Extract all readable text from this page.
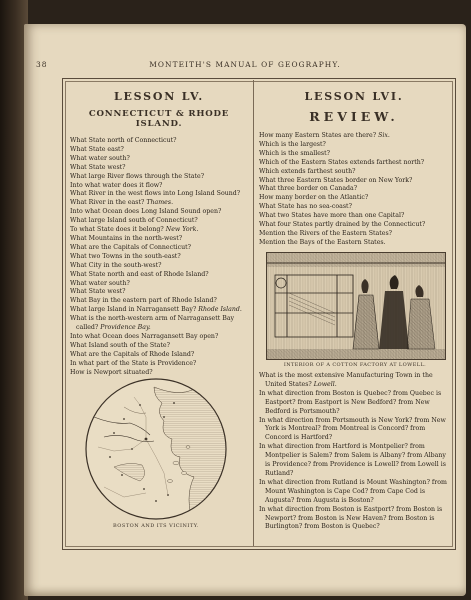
38	MONTEITH'S MANUAL OF GEOGRAPHY.
LESSON LV.
CONNECTICUT & RHODE ISLAND.

What State north of Connecticut?

What State east?

What water south?

What State west?

What large River flows through the State?

Into what water does it flow?

What River in the west flows into Long Island Sound?

What River in the east? Thames.

Into what Ocean does Long Island Sound open?

What large Island south of Connecticut?

To what State does it belong? New York.

What Mountains in the north-west?

What are the Capitals of Connecticut?

What two Towns in the south-east?

What City in the south-west?

What State north and east of Rhode Island?

What water south?

What State west?

What Bay in the eastern part of Rhode Island?

What large Island in Narragansett Bay? Rhode Island.

What is the north-western arm of Narragansett Bay called? Providence Bay.

Into what Ocean does Narragansett Bay open?

What Island south of the State?

What are the Capitals of Rhode Island?

In what part of the State is Providence?

How is Newport situated?

BOSTON AND ITS VICINITY.
LESSON LVI.
REVIEW.

How many Eastern States are there? Six.

Which is the largest?

Which is the smallest?

Which of the Eastern States extends farthest north?

Which extends farthest south?

What three Eastern States border on New York?

What three border on Canada?

How many border on the Atlantic?

What State has no sea-coast?

What two States have more than one Capital?

What four States partly drained by the Connecticut?

Mention the Rivers of the Eastern States?

Mention the Bays of the Eastern States.

INTERIOR OF A COTTON FACTORY AT LOWELL.

What is the most extensive Manufacturing Town in the United States? Lowell.

In what direction from Boston is Quebec? from Quebec is Eastport? from Eastport is New Bedford? from New Bedford is Portsmouth?

In what direction from Portsmouth is New York? from New York is Montreal? from Montreal is Concord? from Concord is Hartford?

In what direction from Hartford is Montpelier? from Montpelier is Salem? from Salem is Albany? from Albany is Providence? from Providence is Lowell? from Lowell is Rutland?

In what direction from Rutland is Mount Washington? from Mount Washington is Cape Cod? from Cape Cod is Augusta? from Augusta is Boston?

In what direction from Boston is Eastport? from Boston is Newport? from Boston is New Haven? from Boston is Burlington? from Boston is Quebec?
